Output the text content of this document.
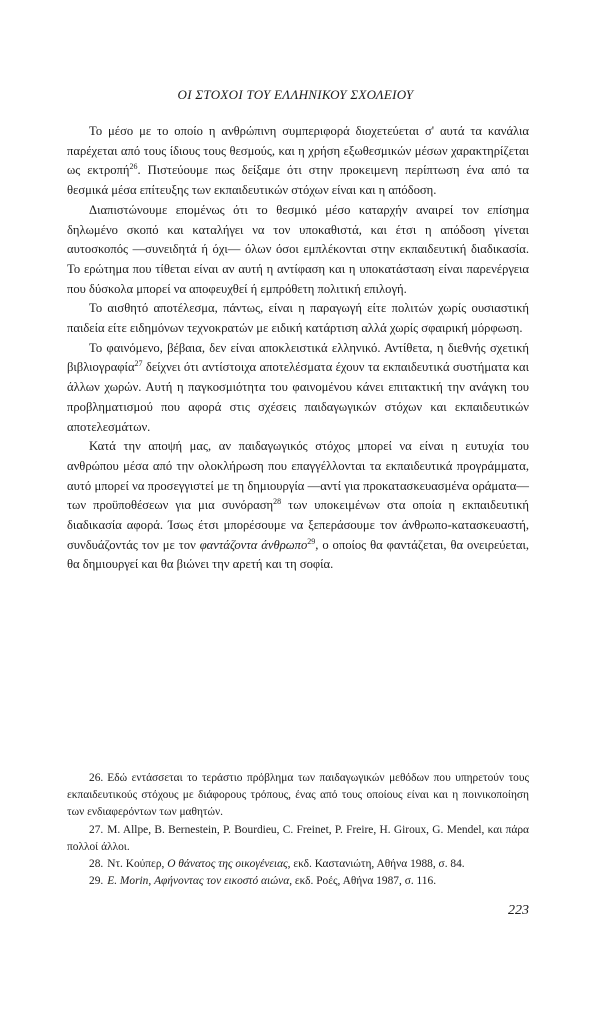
ΟΙ ΣΤΟΧΟΙ ΤΟΥ ΕΛΛΗΝΙΚΟΥ ΣΧΟΛΕΙΟΥ

Το μέσο με το οποίο η ανθρώπινη συμπεριφορά διοχετεύεται σ' αυτά τα κανάλια παρέχεται από τους ίδιους τους θεσμούς, και η χρήση εξωθεσμικών μέσων χαρακτηρίζεται ως εκτροπή$^{26}$. Πιστεύουμε πως δείξαμε ότι στην προκειμενη περίπτωση ένα από τα θεσμικά μέσα επίτευξης των εκπαιδευτικών στόχων είναι και η απόδοση.

Διαπιστώνουμε επομένως ότι το θεσμικό μέσο καταρχήν αναιρεί τον επίσημα δηλωμένο σκοπό και καταλήγει να τον υποκαθιστά, και έτσι η απόδοση γίνεται αυτοσκοπός —συνειδητά ή όχι— όλων όσοι εμπλέκονται στην εκπαιδευτική διαδικασία. Το ερώτημα που τίθεται είναι αν αυτή η αντίφαση και η υποκατάσταση είναι παρενέργεια που δύσκολα μπορεί να αποφευχθεί ή εμπρόθετη πολιτική επιλογή.

Το αισθητό αποτέλεσμα, πάντως, είναι η παραγωγή είτε πολιτών χωρίς ουσιαστική παιδεία είτε ειδημόνων τεχνοκρατών με ειδική κατάρτιση αλλά χωρίς σφαιρική μόρφωση.

Το φαινόμενο, βέβαια, δεν είναι αποκλειστικά ελληνικό. Αντίθετα, η διεθνής σχετική βιβλιογραφία$^{27}$ δείχνει ότι αντίστοιχα αποτελέσματα έχουν τα εκπαιδευτικά συστήματα και άλλων χωρών. Αυτή η παγκοσμιότητα του φαινομένου κάνει επιτακτική την ανάγκη του προβληματισμού που αφορά στις σχέσεις παιδαγωγικών στόχων και εκπαιδευτικών αποτελεσμάτων.

Κατά την αποψή μας, αν παιδαγωγικός στόχος μπορεί να είναι η ευτυχία του ανθρώπου μέσα από την ολοκλήρωση που επαγγέλλονται τα εκπαιδευτικά προγράμματα, αυτό μπορεί να προσεγγιστεί με τη δημιουργία —αντί για προκατασκευασμένα οράματα— των προϋποθέσεων για μια συνόραση$^{28}$ των υποκειμένων στα οποία η εκπαιδευτική διαδικασία αφορά. Ίσως έτσι μπορέσουμε να ξεπεράσουμε τον άνθρωπο-κατασκευαστή, συνδυάζοντάς τον με τον φαντάζοντα άνθρωπο$^{29}$, ο οποίος θα φαντάζεται, θα ονειρεύεται, θα δημιουργεί και θα βιώνει την αρετή και τη σοφία.

26. Εδώ εντάσσεται το τεράστιο πρόβλημα των παιδαγωγικών μεθόδων που υπηρετούν τους εκπαιδευτικούς στόχους με διάφορους τρόπους, ένας από τους οποίους είναι και η ποινικοποίηση των ενδιαφερόντων των μαθητών.

27. M. Allpe, B. Bernestein, P. Bourdieu, C. Freinet, P. Freire, H. Giroux, G. Mendel, και πάρα πολλοί άλλοι.

28. Ντ. Κούπερ, Ο θάνατος της οικογένειας, εκδ. Καστανιώτη, Αθήνα 1988, σ. 84.

29. E. Morin, Αφήνοντας τον εικοστό αιώνα, εκδ. Ροές, Αθήνα 1987, σ. 116.

223
